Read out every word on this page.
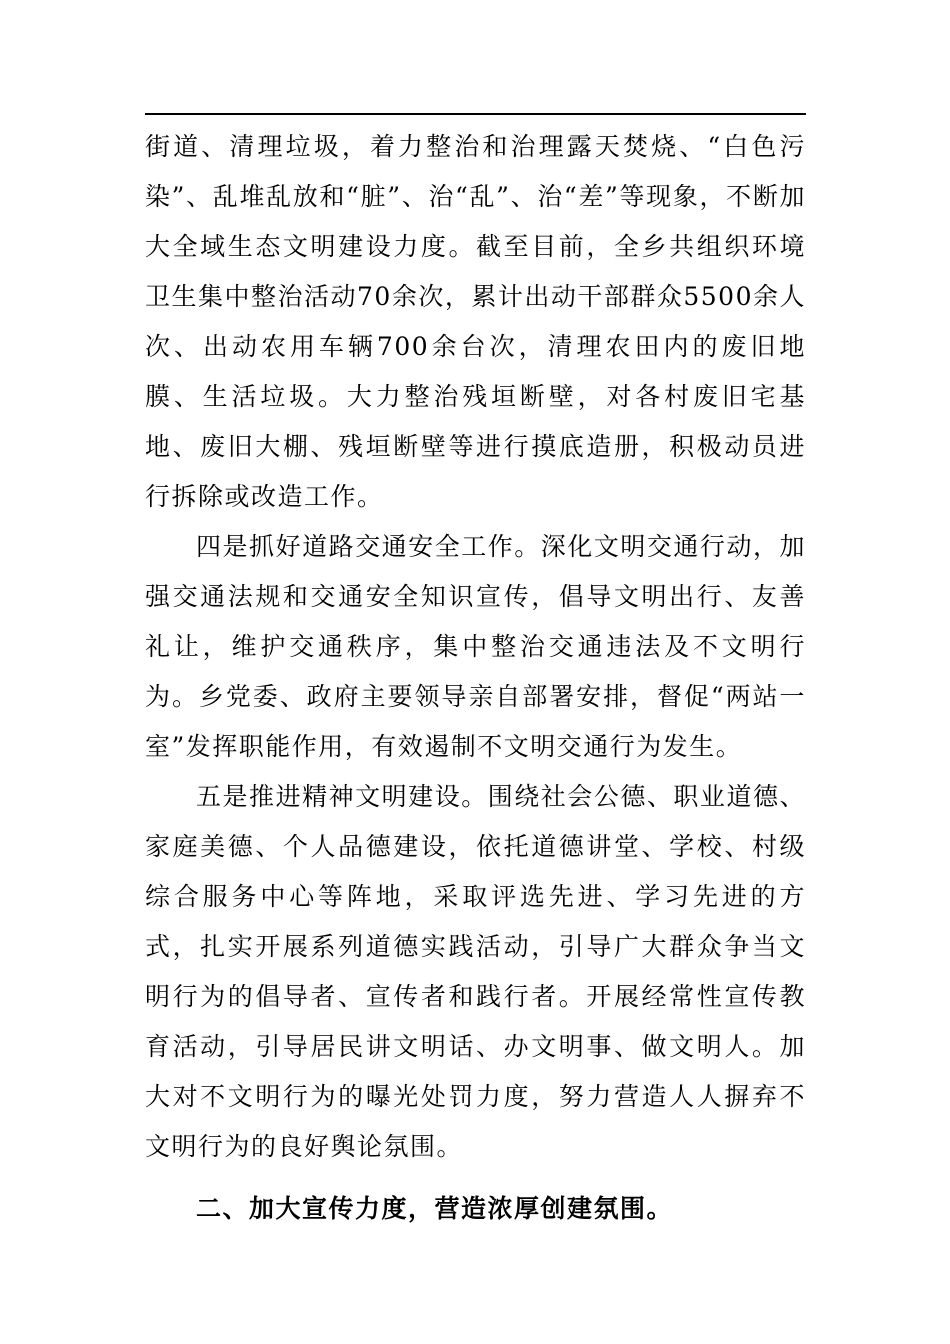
街道、清理垃圾，着力整治和治理露天焚烧、“白色污染”、乱堆乱放和“脏”、治“乱”、治“差”等现象，不断加大全域生态文明建设力度。截至目前，全乡共组织环境卫生集中整治活动70余次，累计出动干部群众5500余人次、出动农用车辆700余台次，清理农田内的废旧地膜、生活垃圾。大力整治残垣断壁，对各村废旧宅基地、废旧大棚、残垣断壁等进行摸底造册，积极动员进行拆除或改造工作。

四是抓好道路交通安全工作。深化文明交通行动，加强交通法规和交通安全知识宣传，倡导文明出行、友善礼让，维护交通秩序，集中整治交通违法及不文明行为。乡党委、政府主要领导亲自部署安排，督促“两站一室”发挥职能作用，有效遏制不文明交通行为发生。

五是推进精神文明建设。围绕社会公德、职业道德、家庭美德、个人品德建设，依托道德讲堂、学校、村级综合服务中心等阵地，采取评选先进、学习先进的方式，扎实开展系列道德实践活动，引导广大群众争当文明行为的倡导者、宣传者和践行者。开展经常性宣传教育活动，引导居民讲文明话、办文明事、做文明人。加大对不文明行为的曝光处罚力度，努力营造人人摒弃不文明行为的良好舆论氛围。

二、加大宣传力度，营造浓厚创建氛围。
